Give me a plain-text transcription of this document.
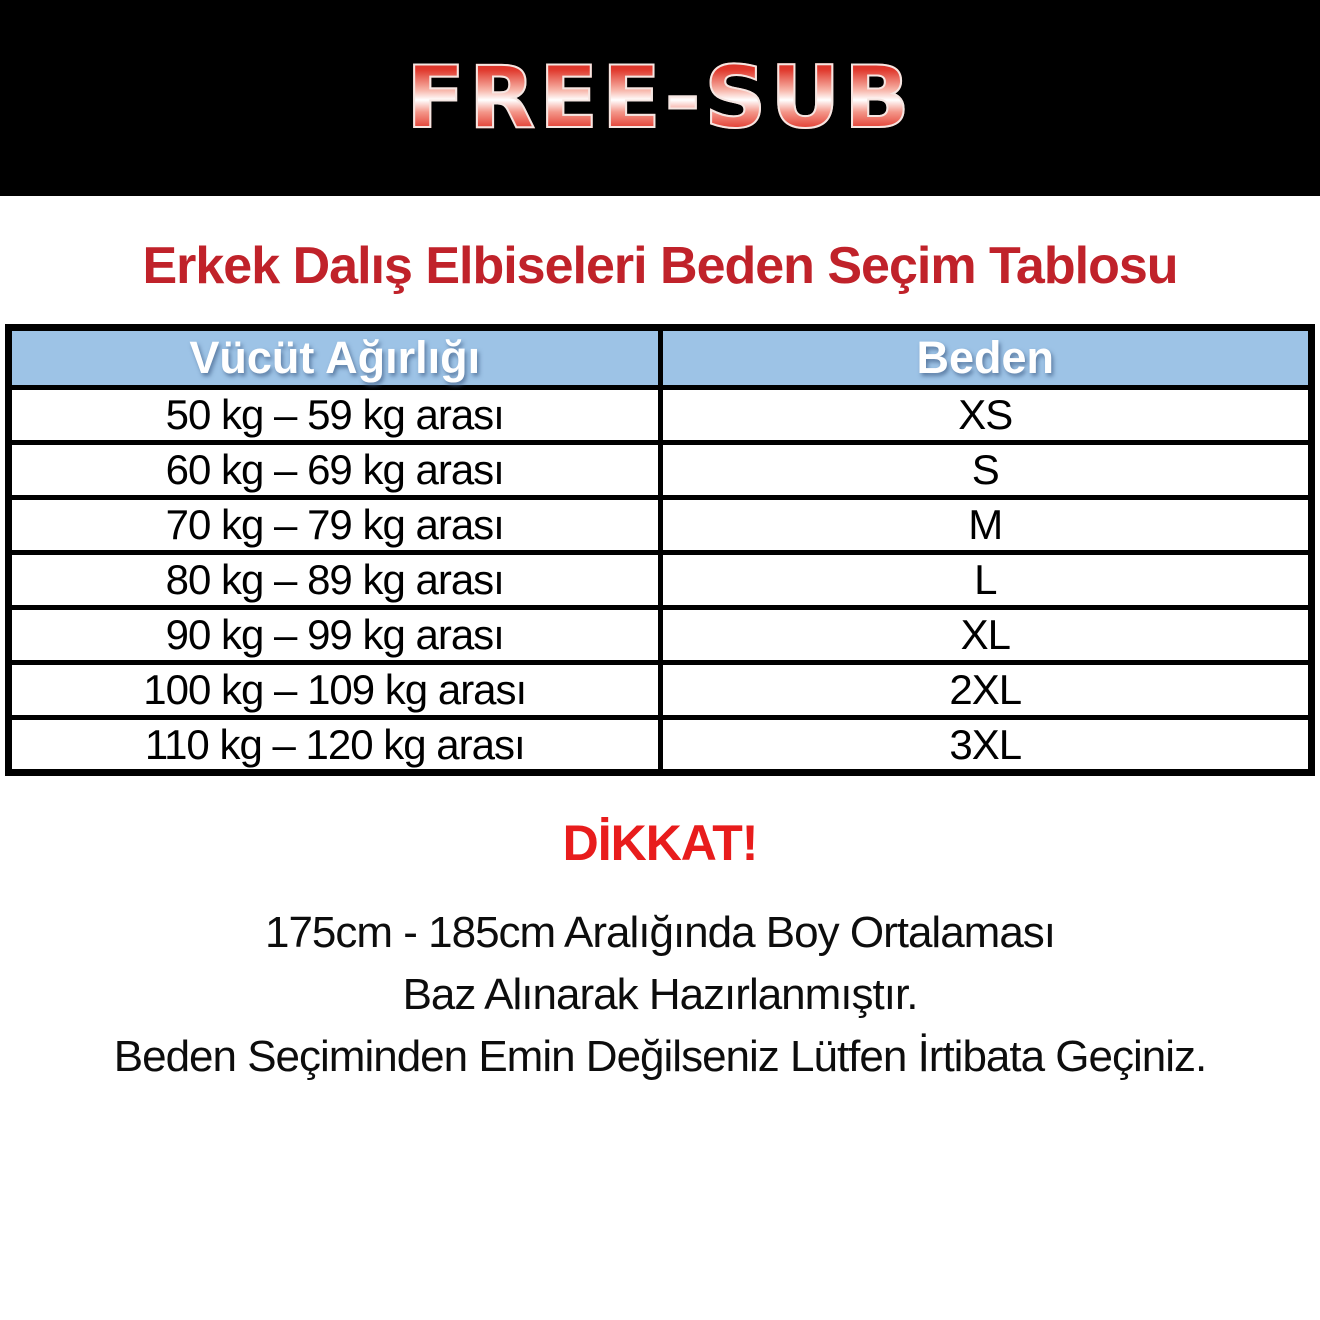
FREE-SUB
Erkek Dalış Elbiseleri Beden Seçim Tablosu
Vücüt Ağırlığı	Beden
50 kg – 59 kg arası	XS
60 kg – 69 kg arası	S
70 kg – 79 kg arası	M
80 kg – 89 kg arası	L
90 kg – 99 kg arası	XL
100 kg – 109 kg arası	2XL
110 kg – 120 kg arası	3XL
DİKKAT!

175cm - 185cm Aralığında Boy Ortalaması

Baz Alınarak Hazırlanmıştır.

Beden Seçiminden Emin Değilseniz Lütfen İrtibata Geçiniz.
